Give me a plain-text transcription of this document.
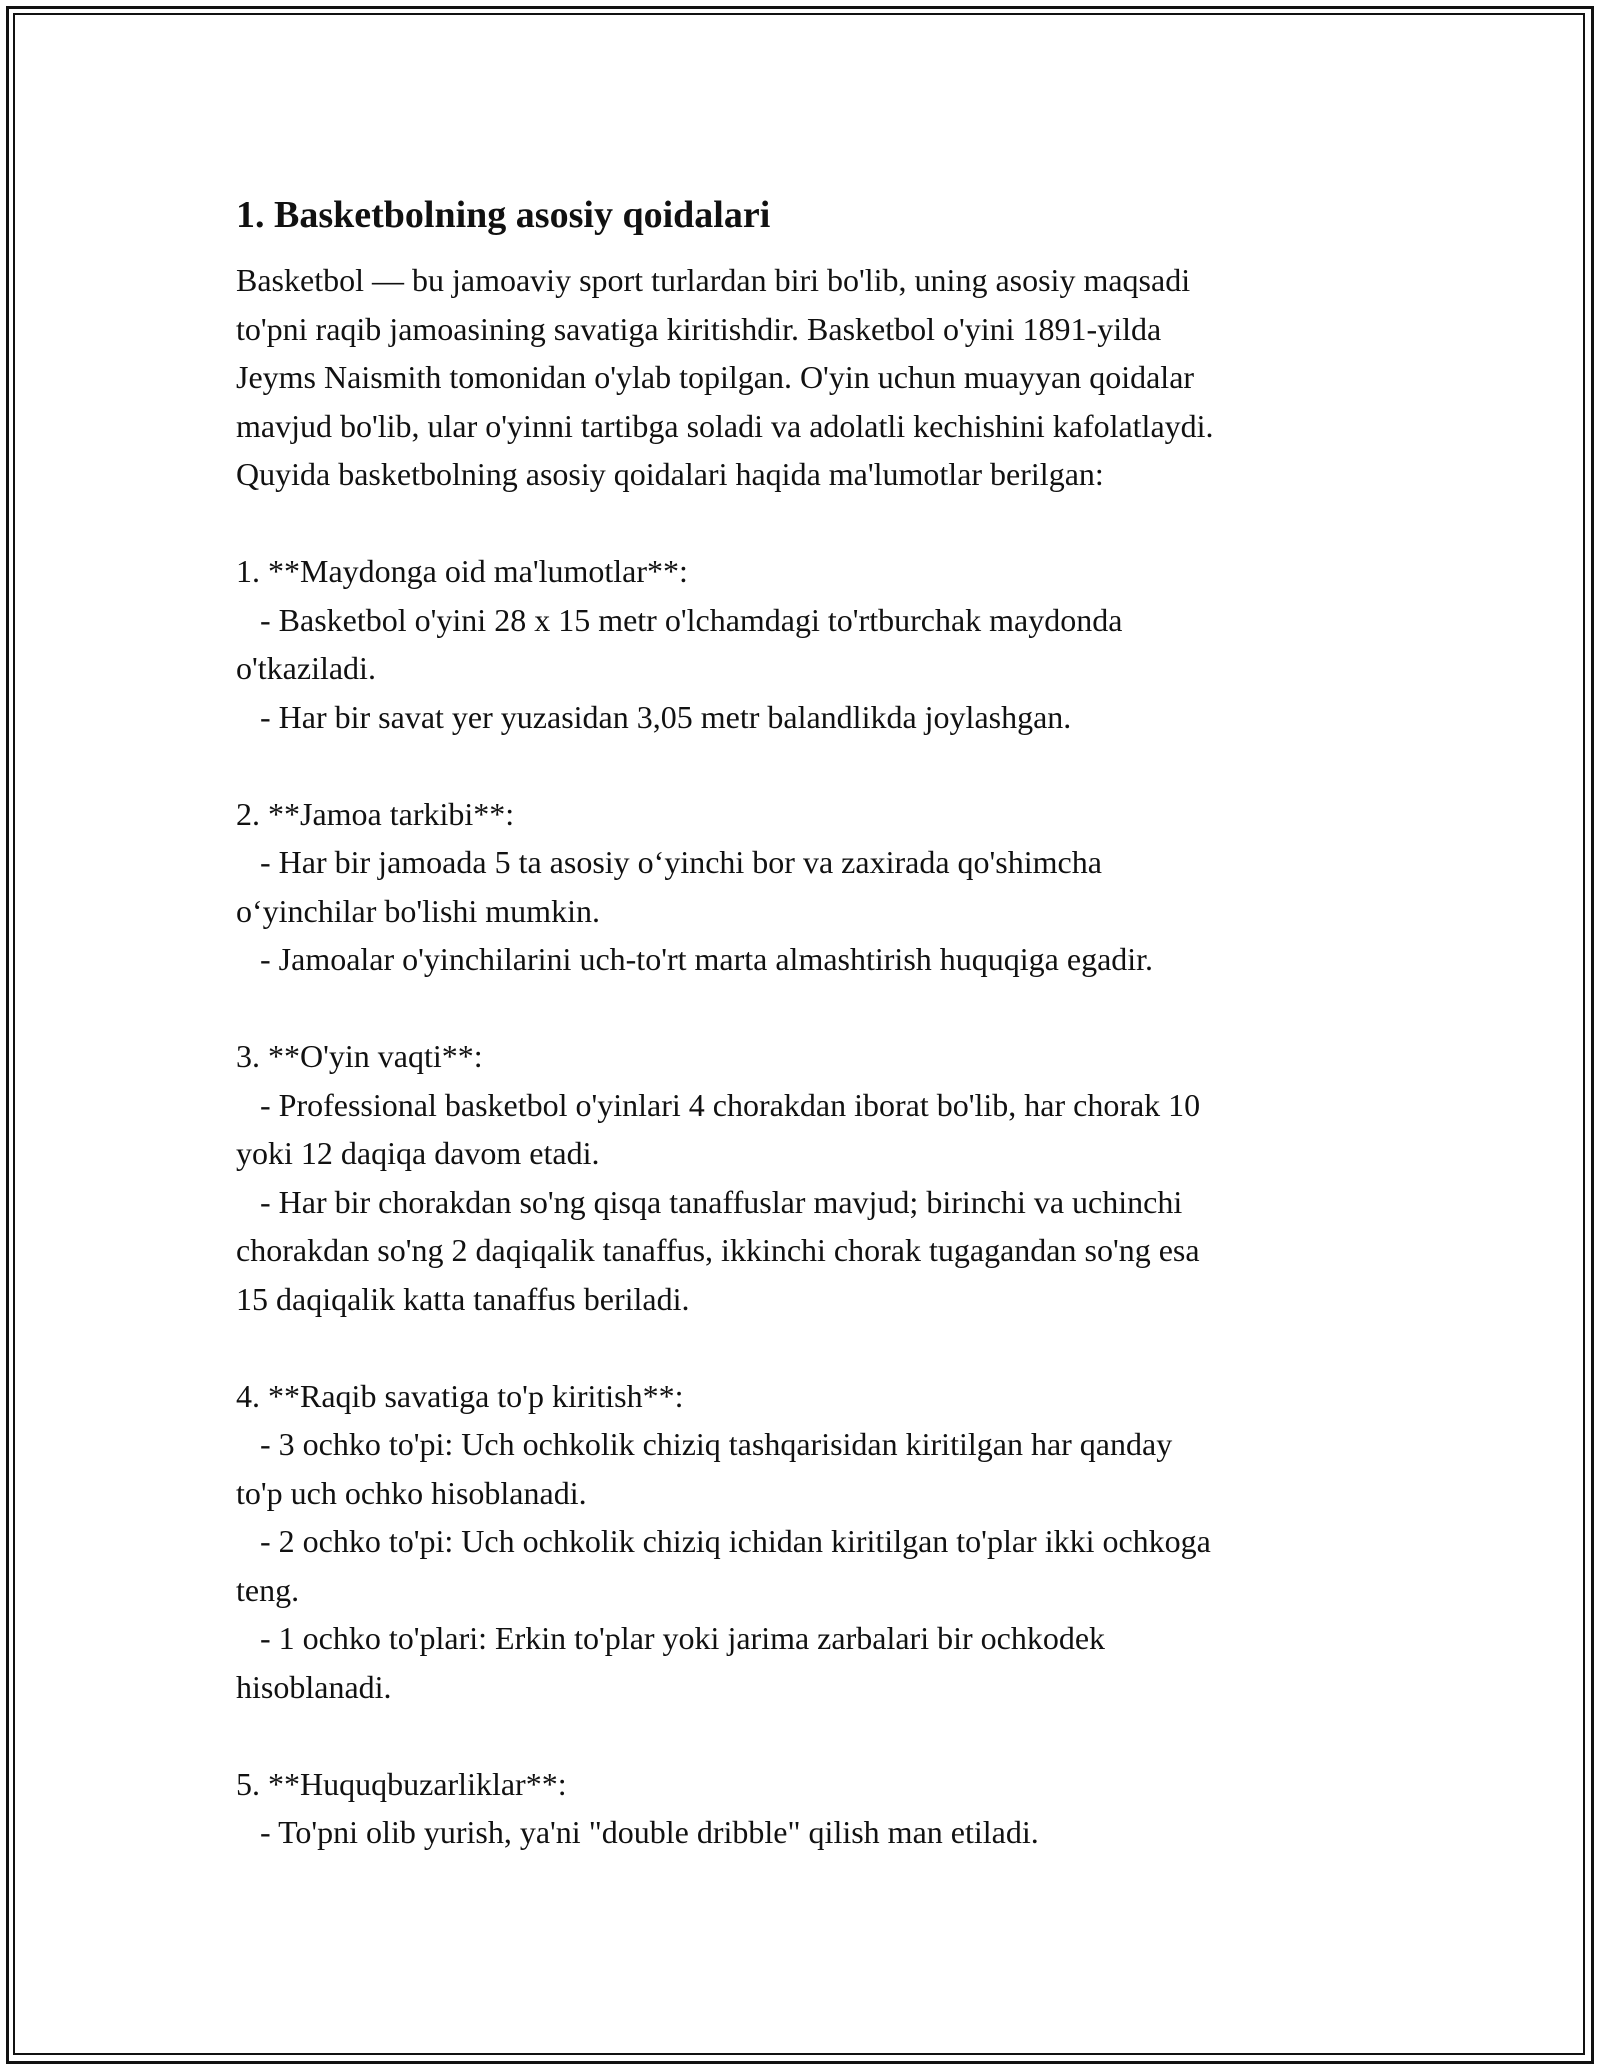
1. Basketbolning asosiy qoidalari
Basketbol — bu jamoaviy sport turlardan biri bo'lib, uning asosiy maqsadi
to'pni raqib jamoasining savatiga kiritishdir. Basketbol o'yini 1891-yilda
Jeyms Naismith tomonidan o'ylab topilgan. O'yin uchun muayyan qoidalar
mavjud bo'lib, ular o'yinni tartibga soladi va adolatli kechishini kafolatlaydi.
Quyida basketbolning asosiy qoidalari haqida ma'lumotlar berilgan:
1. **Maydonga oid ma'lumotlar**:
- Basketbol o'yini 28 x 15 metr o'lchamdagi to'rtburchak maydonda
o'tkaziladi.
- Har bir savat yer yuzasidan 3,05 metr balandlikda joylashgan.
2. **Jamoa tarkibi**:
- Har bir jamoada 5 ta asosiy o‘yinchi bor va zaxirada qo'shimcha
o‘yinchilar bo'lishi mumkin.
- Jamoalar o'yinchilarini uch-to'rt marta almashtirish huquqiga egadir.
3. **O'yin vaqti**:
- Professional basketbol o'yinlari 4 chorakdan iborat bo'lib, har chorak 10
yoki 12 daqiqa davom etadi.
- Har bir chorakdan so'ng qisqa tanaffuslar mavjud; birinchi va uchinchi
chorakdan so'ng 2 daqiqalik tanaffus, ikkinchi chorak tugagandan so'ng esa
15 daqiqalik katta tanaffus beriladi.
4. **Raqib savatiga to'p kiritish**:
- 3 ochko to'pi: Uch ochkolik chiziq tashqarisidan kiritilgan har qanday
to'p uch ochko hisoblanadi.
- 2 ochko to'pi: Uch ochkolik chiziq ichidan kiritilgan to'plar ikki ochkoga
teng.
- 1 ochko to'plari: Erkin to'plar yoki jarima zarbalari bir ochkodek
hisoblanadi.
5. **Huquqbuzarliklar**:
- To'pni olib yurish, ya'ni "double dribble" qilish man etiladi.
